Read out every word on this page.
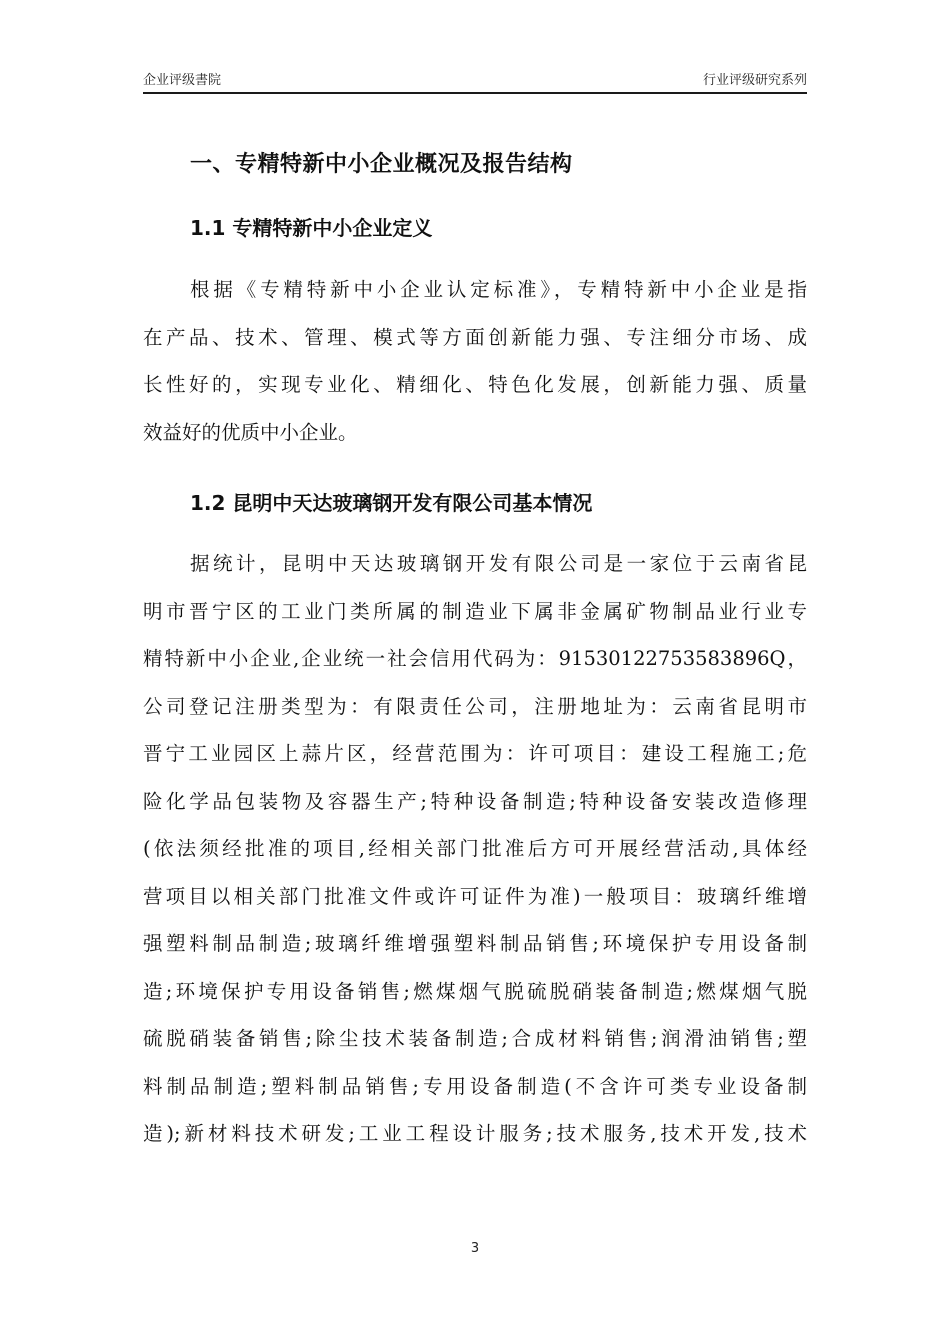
企业评级書院	行业评级研究系列
一、专精特新中小企业概况及报告结构
1.1 专精特新中小企业定义
根据《专精特新中小企业认定标准》，专精特新中小企业是指
在产品、技术、管理、模式等方面创新能力强、专注细分市场、成
长性好的，实现专业化、精细化、特色化发展，创新能力强、质量
效益好的优质中小企业。
1.2 昆明中天达玻璃钢开发有限公司基本情况
据统计，昆明中天达玻璃钢开发有限公司是一家位于云南省昆
明市晋宁区的工业门类所属的制造业下属非金属矿物制品业行业专
精特新中小企业,企业统一社会信用代码为：91530122753583896Q，
公司登记注册类型为：有限责任公司，注册地址为：云南省昆明市
晋宁工业园区上蒜片区，经营范围为：许可项目：建设工程施工;危
险化学品包装物及容器生产;特种设备制造;特种设备安装改造修理
(依法须经批准的项目,经相关部门批准后方可开展经营活动,具体经
营项目以相关部门批准文件或许可证件为准)一般项目：玻璃纤维增
强塑料制品制造;玻璃纤维增强塑料制品销售;环境保护专用设备制
造;环境保护专用设备销售;燃煤烟气脱硫脱硝装备制造;燃煤烟气脱
硫脱硝装备销售;除尘技术装备制造;合成材料销售;润滑油销售;塑
料制品制造;塑料制品销售;专用设备制造(不含许可类专业设备制
造);新材料技术研发;工业工程设计服务;技术服务,技术开发,技术
3
